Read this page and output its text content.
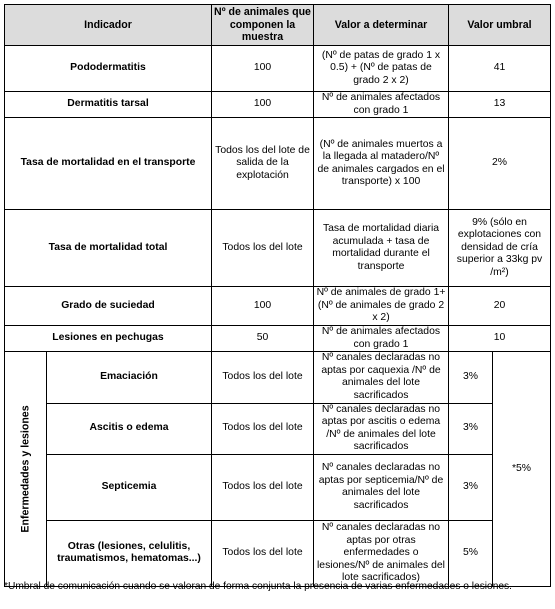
Indicador		Nº de animales que componen la muestra	Valor a determinar	Valor umbral	
Pododermatitis		100	(Nº de patas de grado 1 x 0.5) + (Nº de patas de grado 2 x 2)	41	
Dermatitis tarsal		100	Nº de animales afectados con grado 1	13	
Tasa de mortalidad en el transporte		Todos los del lote de salida de la explotación	(Nº de animales muertos a la llegada al matadero/Nº de animales cargados en el transporte) x 100	2%	
Tasa de mortalidad total		Todos los del lote	Tasa de mortalidad diaria acumulada + tasa de mortalidad durante el transporte	9% (sólo en explotaciones con densidad de cría superior a 33kg pv /m²)	
Grado de suciedad		100	Nº de animales de grado 1+ (Nº de animales de grado 2 x 2)	20	
Lesiones en pechugas		50	Nº de animales afectados con grado 1	10	

Enfermedades y lesiones	Emaciación	Todos los del lote	Nº canales declaradas no aptas por caquexia /Nº de animales del lote sacrificados	3%	*5%
	Ascitis o edema	Todos los del lote	Nº canales declaradas no aptas por ascitis o edema /Nº de animales del lote sacrificados	3%	
	Septicemia	Todos los del lote	Nº canales declaradas no aptas por septicemia/Nº de animales del lote sacrificados	3%	
	Otras (lesiones, celulitis, traumatismos, hematomas...)	Todos los del lote	Nº canales declaradas no aptas por otras enfermedades o lesiones/Nº de animales del lote sacrificados)	5%	
*Umbral de comunicación cuando se valoran de forma conjunta la presencia de varias enfermedades o lesiones.
